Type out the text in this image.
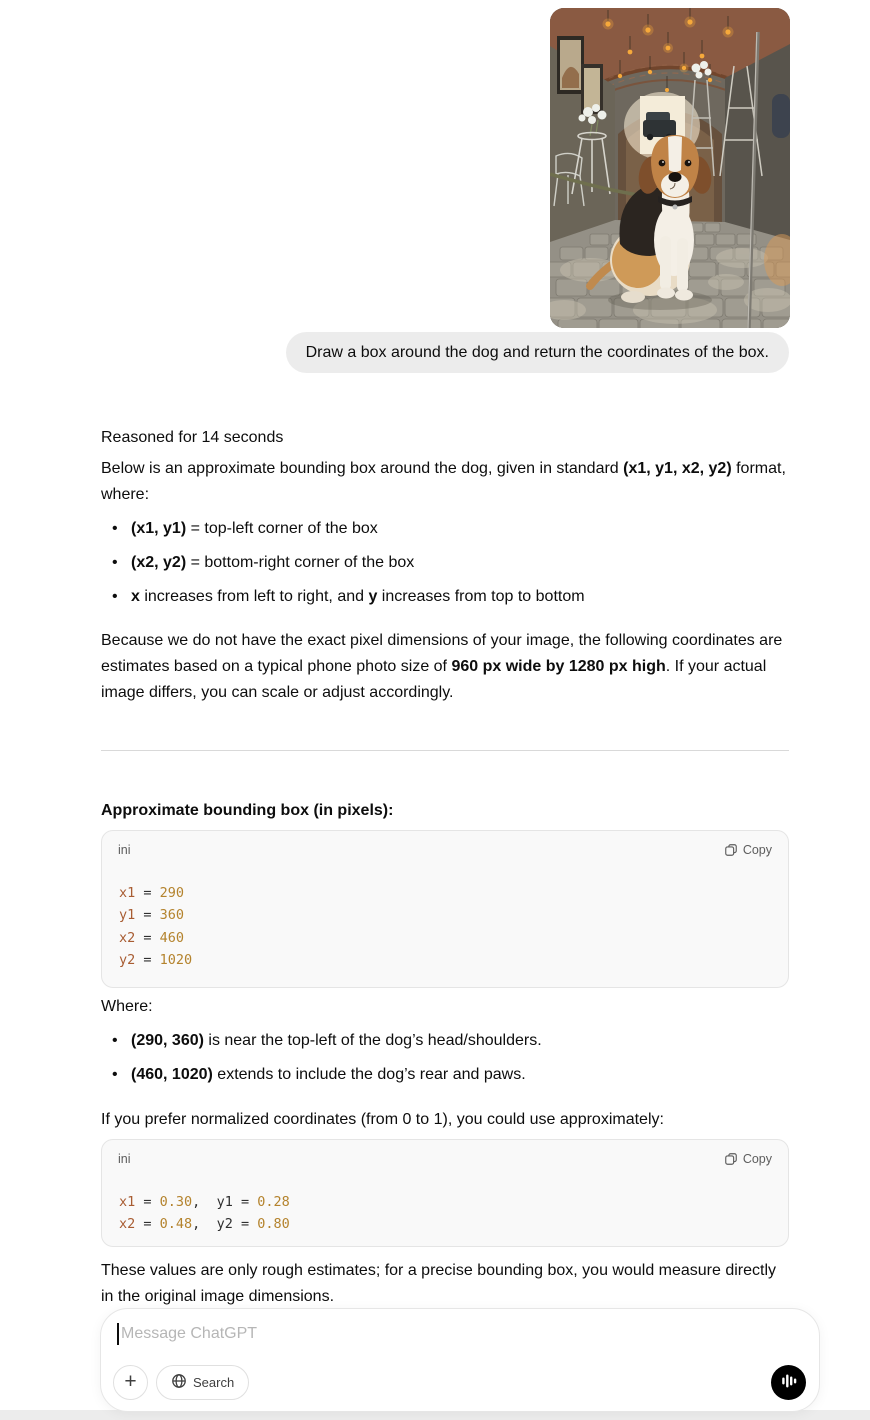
Draw a box around the dog and return the coordinates of the box.
Reasoned for 14 seconds

Below is an approximate bounding box around the dog, given in standard (x1, y1, x2, y2) format, where:

• (x1, y1) = top-left corner of the box
• (x2, y2) = bottom-right corner of the box
• x increases from left to right, and y increases from top to bottom

Because we do not have the exact pixel dimensions of your image, the following coordinates are estimates based on a typical phone photo size of 960 px wide by 1280 px high. If your actual image differs, you can scale or adjust accordingly.

Approximate bounding box (in pixels):

ini	Copy
x1 = 290
y1 = 360
x2 = 460
y2 = 1020

Where:

• (290, 360) is near the top-left of the dog’s head/shoulders.
• (460, 1020) extends to include the dog’s rear and paws.

If you prefer normalized coordinates (from 0 to 1), you could use approximately:

ini	Copy
x1 = 0.30,  y1 = 0.28
x2 = 0.48,  y2 = 0.80

These values are only rough estimates; for a precise bounding box, you would measure directly in the original image dimensions.

Message ChatGPT
+	Search
